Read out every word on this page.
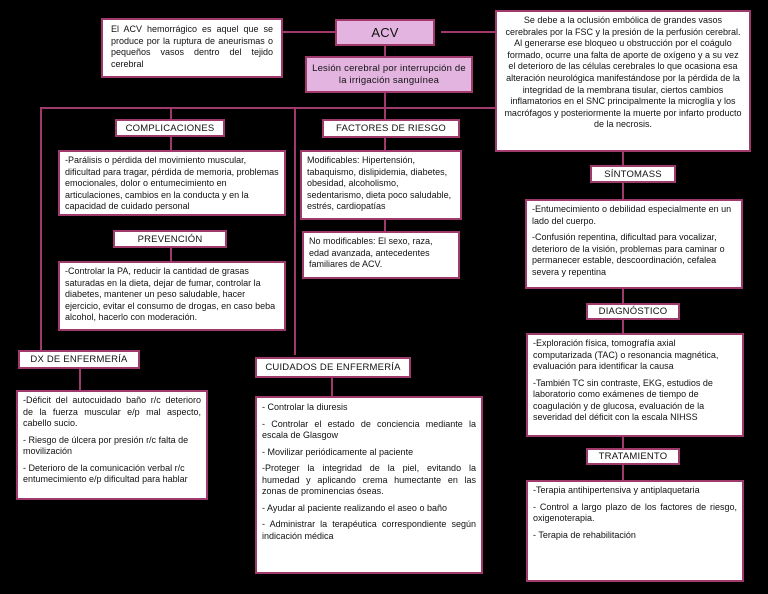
ACV
Lesión cerebral por interrupción de la irrigación sanguínea
El ACV hemorrágico es aquel que se produce por la ruptura de aneurismas o pequeños vasos dentro del tejido cerebral
Se debe a la oclusión embólica de grandes vasos cerebrales por la FSC y la presión de la perfusión cerebral. Al generarse ese bloqueo u obstrucción por el coágulo formado, ocurre una falta de aporte de oxígeno y a su vez el deterioro de las células cerebrales lo que ocasiona esa alteración neurológica manifestándose por la pérdida de la integridad de la membrana tisular, ciertos cambios inflamatorios en el SNC principalmente la microglía y los macrófagos y posteriormente la muerte por infarto producto de la necrosis.
COMPLICACIONES
-Parálisis o pérdida del movimiento muscular, dificultad para tragar, pérdida de memoria, problemas emocionales, dolor o entumecimiento en articulaciones, cambios en la conducta y en la capacidad de cuidado personal
PREVENCIÓN
-Controlar la PA, reducir la cantidad de grasas saturadas en la dieta, dejar de fumar, controlar la diabetes, mantener un peso saludable, hacer ejercicio, evitar el consumo de drogas, en caso beba alcohol, hacerlo con moderación.
FACTORES DE RIESGO
Modificables: Hipertensión, tabaquismo, dislipidemia, diabetes, obesidad, alcoholismo, sedentarismo, dieta poco saludable, estrés, cardiopatías
No modificables: El sexo, raza, edad avanzada, antecedentes familiares de ACV.
SÍNTOMASS
-Entumecimiento o debilidad especialmente en un lado del cuerpo.
-Confusión repentina, dificultad para vocalizar, deterioro de la visión, problemas para caminar o permanecer estable, descoordinación, cefalea severa y repentina
DIAGNÓSTICO
-Exploración física, tomografía axial computarizada (TAC) o resonancia magnética, evaluación para identificar la causa
-También TC sin contraste, EKG, estudios de laboratorio como exámenes de tiempo de coagulación y de glucosa, evaluación de la severidad del déficit con la escala NIHSS
TRATAMIENTO
-Terapia antihipertensiva y antiplaquetaria
- Control a largo plazo de los factores de riesgo, oxigenoterapia.
- Terapia de rehabilitación
DX DE ENFERMERÍA
-Déficit del autocuidado baño r/c deterioro de la fuerza muscular e/p mal aspecto, cabello sucio.
- Riesgo de úlcera por presión r/c falta de movilización
- Deterioro de la comunicación verbal r/c entumecimiento e/p dificultad para hablar
CUIDADOS DE ENFERMERÍA
- Controlar la diuresis
- Controlar el estado de conciencia mediante la escala de Glasgow
- Movilizar periódicamente al paciente
-Proteger la integridad de la piel, evitando la humedad y aplicando crema humectante en las zonas de prominencias óseas.
- Ayudar al paciente realizando el aseo o baño
- Administrar la terapéutica correspondiente según indicación médica
